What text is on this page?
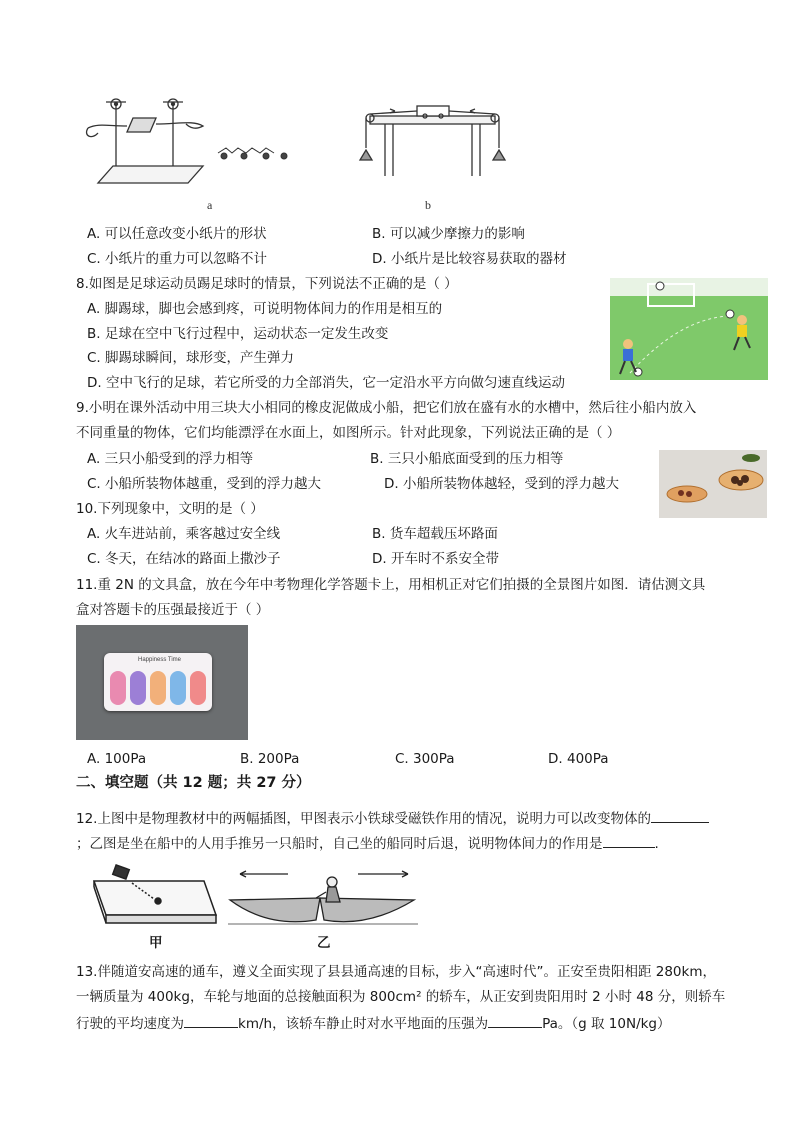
a	b
A. 可以任意改变小纸片的形状	B. 可以减少摩擦力的影响
C. 小纸片的重力可以忽略不计	D. 小纸片是比较容易获取的器材
8.如图是足球运动员踢足球时的情景，下列说法不正确的是（ ）
A. 脚踢球，脚也会感到疼，可说明物体间力的作用是相互的
B. 足球在空中飞行过程中，运动状态一定发生改变
C. 脚踢球瞬间，球形变，产生弹力
D. 空中飞行的足球，若它所受的力全部消失，它一定沿水平方向做匀速直线运动
9.小明在课外活动中用三块大小相同的橡皮泥做成小船，把它们放在盛有水的水槽中，然后往小船内放入
不同重量的物体，它们均能漂浮在水面上，如图所示。针对此现象，下列说法正确的是（ ）
A. 三只小船受到的浮力相等	B. 三只小船底面受到的压力相等
C. 小船所装物体越重，受到的浮力越大	D. 小船所装物体越轻，受到的浮力越大
10.下列现象中，文明的是（ ）
A. 火车进站前，乘客越过安全线	B. 货车超载压坏路面
C. 冬天，在结冰的路面上撒沙子	D. 开车时不系安全带
11.重 2N 的文具盒，放在今年中考物理化学答题卡上，用相机正对它们拍摄的全景图片如图．请估测文具
盒对答题卡的压强最接近于（ ）
Happiness Time
A. 100Pa	B. 200Pa	C. 300Pa	D. 400Pa
二、填空题（共 12 题；共 27 分）
12.上图中是物理教材中的两幅插图，甲图表示小铁球受磁铁作用的情况，说明力可以改变物体的
；乙图是坐在船中的人用手推另一只船时，自己坐的船同时后退，说明物体间力的作用是	.
甲	乙
13.伴随道安高速的通车，遵义全面实现了县县通高速的目标，步入“高速时代”。正安至贵阳相距 280km，
一辆质量为 400kg，车轮与地面的总接触面积为 800cm² 的轿车，从正安到贵阳用时 2 小时 48 分，则轿车
行驶的平均速度为	km/h，该轿车静止时对水平地面的压强为	Pa。（g 取 10N/kg）
